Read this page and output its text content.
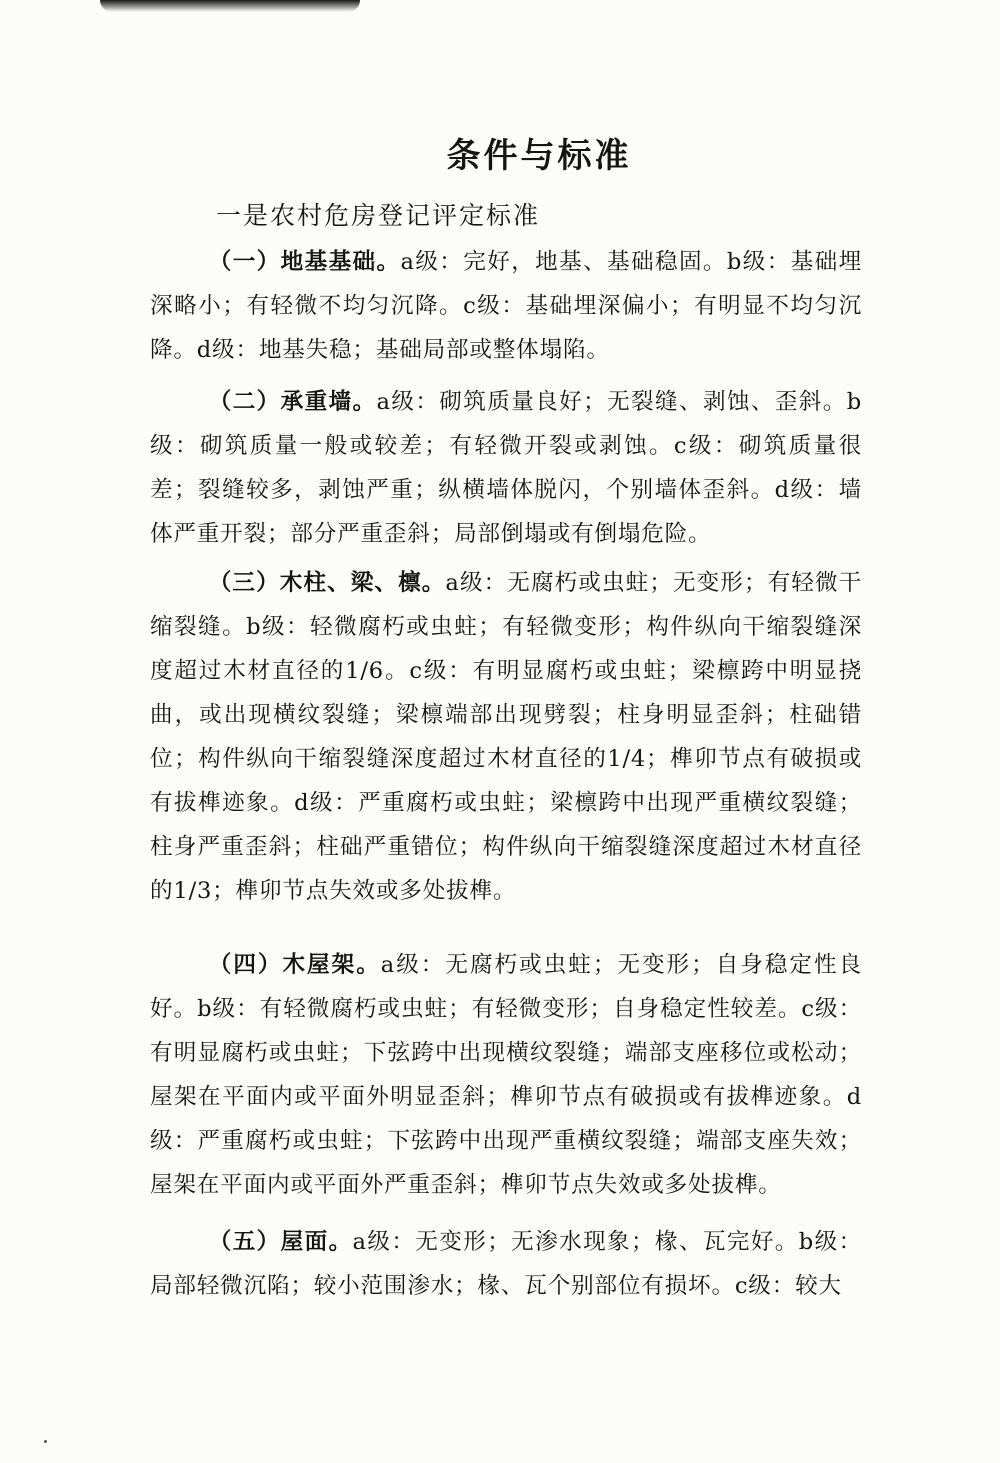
条件与标准
一是农村危房登记评定标准
（一）地基基础。a级：完好，地基、基础稳固。b级：基础埋深略小；有轻微不均匀沉降。c级：基础埋深偏小；有明显不均匀沉降。d级：地基失稳；基础局部或整体塌陷。
（二）承重墙。a级：砌筑质量良好；无裂缝、剥蚀、歪斜。b级：砌筑质量一般或较差；有轻微开裂或剥蚀。c级：砌筑质量很差；裂缝较多，剥蚀严重；纵横墙体脱闪，个别墙体歪斜。d级：墙体严重开裂；部分严重歪斜；局部倒塌或有倒塌危险。
（三）木柱、梁、檩。a级：无腐朽或虫蛀；无变形；有轻微干缩裂缝。b级：轻微腐朽或虫蛀；有轻微变形；构件纵向干缩裂缝深度超过木材直径的1/6。c级：有明显腐朽或虫蛀；梁檩跨中明显挠曲，或出现横纹裂缝；梁檩端部出现劈裂；柱身明显歪斜；柱础错位；构件纵向干缩裂缝深度超过木材直径的1/4；榫卯节点有破损或有拔榫迹象。d级：严重腐朽或虫蛀；梁檩跨中出现严重横纹裂缝；柱身严重歪斜；柱础严重错位；构件纵向干缩裂缝深度超过木材直径的1/3；榫卯节点失效或多处拔榫。
（四）木屋架。a级：无腐朽或虫蛀；无变形；自身稳定性良好。b级：有轻微腐朽或虫蛀；有轻微变形；自身稳定性较差。c级：有明显腐朽或虫蛀；下弦跨中出现横纹裂缝；端部支座移位或松动；屋架在平面内或平面外明显歪斜；榫卯节点有破损或有拔榫迹象。d级：严重腐朽或虫蛀；下弦跨中出现严重横纹裂缝；端部支座失效；屋架在平面内或平面外严重歪斜；榫卯节点失效或多处拔榫。
（五）屋面。a级：无变形；无渗水现象；椽、瓦完好。b级：局部轻微沉陷；较小范围渗水；椽、瓦个别部位有损坏。c级：较大
